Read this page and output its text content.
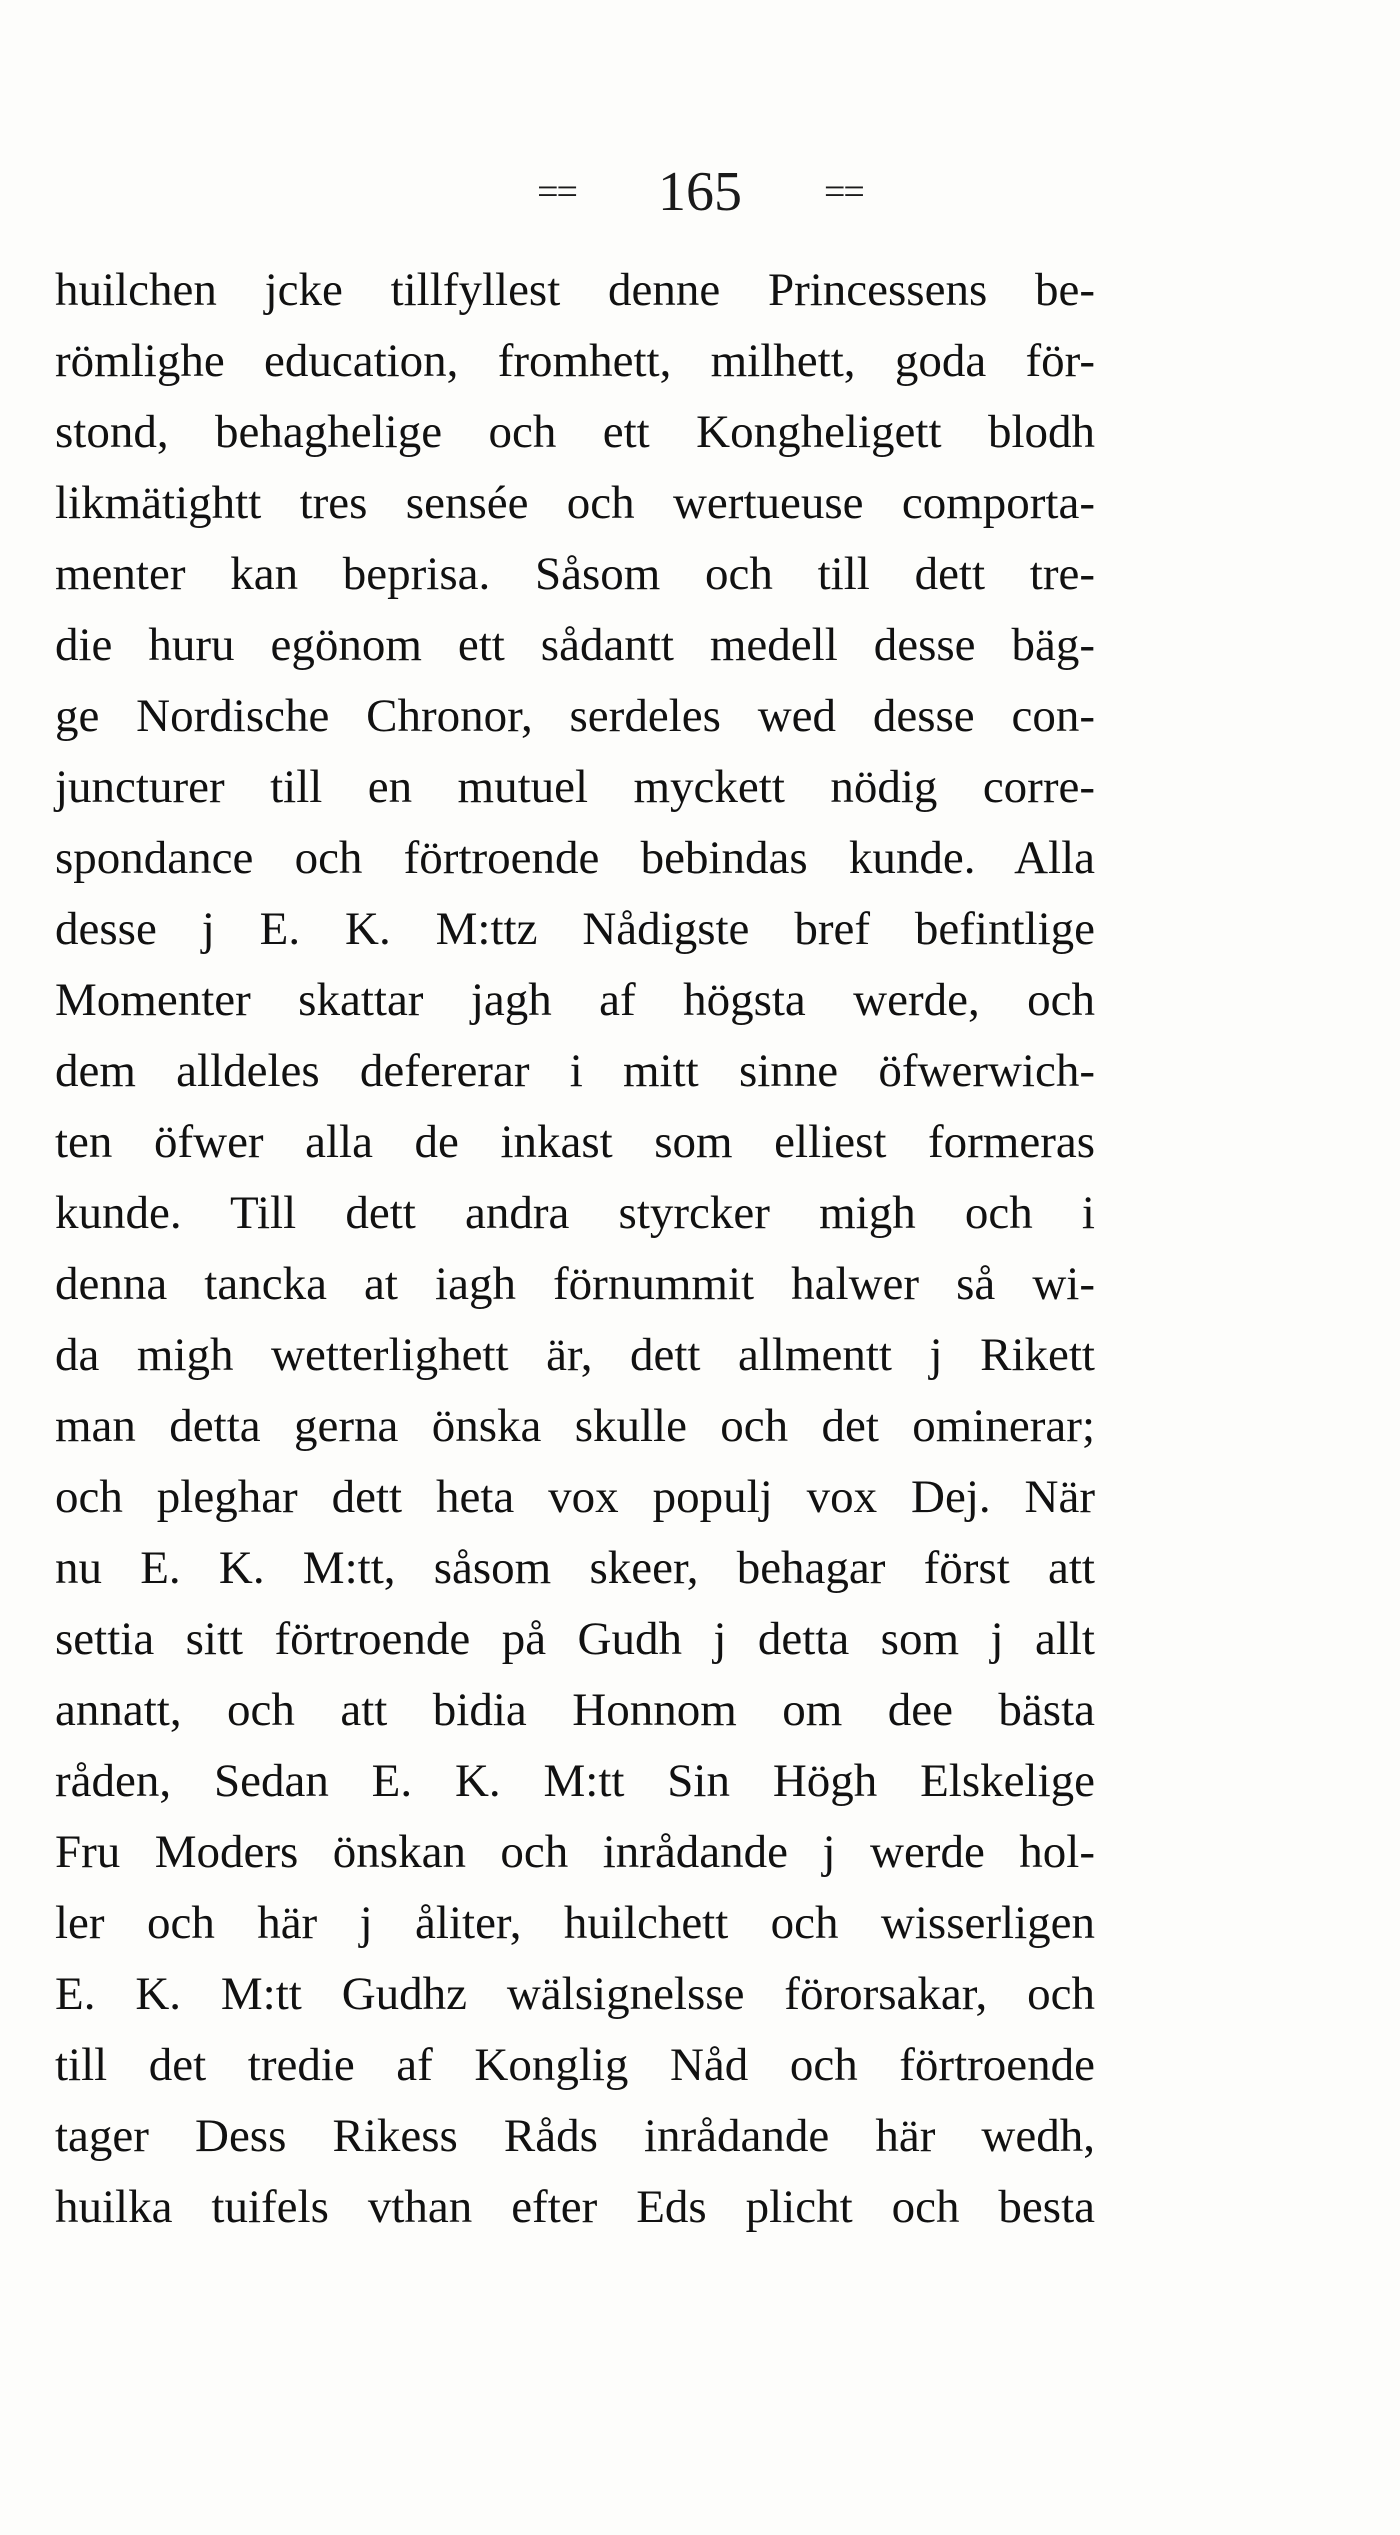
== 165 ==
huilchen jcke tillfyllest denne Princessens be-
römlighe education, fromhett, milhett, goda för-
stond, behaghelige och ett Kongheligett blodh
likmätightt tres sensée och wertueuse comporta-
menter kan beprisa. Såsom och till dett tre-
die huru egönom ett sådantt medell desse bäg-
ge Nordische Chronor, serdeles wed desse con-
juncturer till en mutuel myckett nödig corre-
spondance och förtroende bebindas kunde. Alla
desse j E. K. M:ttz Nådigste bref befintlige
Momenter skattar jagh af högsta werde, och
dem alldeles defererar i mitt sinne öfwerwich-
ten öfwer alla de inkast som elliest formeras
kunde. Till dett andra styrcker migh och i
denna tancka at iagh förnummit halwer så wi-
da migh wetterlighett är, dett allmentt j Rikett
man detta gerna önska skulle och det ominerar;
och pleghar dett heta vox populj vox Dej. När
nu E. K. M:tt, såsom skeer, behagar först att
settia sitt förtroende på Gudh j detta som j allt
annatt, och att bidia Honnom om dee bästa
råden, Sedan E. K. M:tt Sin Högh Elskelige
Fru Moders önskan och inrådande j werde hol-
ler och här j åliter, huilchett och wisserligen
E. K. M:tt Gudhz wälsignelsse förorsakar, och
till det tredie af Konglig Nåd och förtroende
tager Dess Rikess Råds inrådande här wedh,
huilka tuifels vthan efter Eds plicht och besta
